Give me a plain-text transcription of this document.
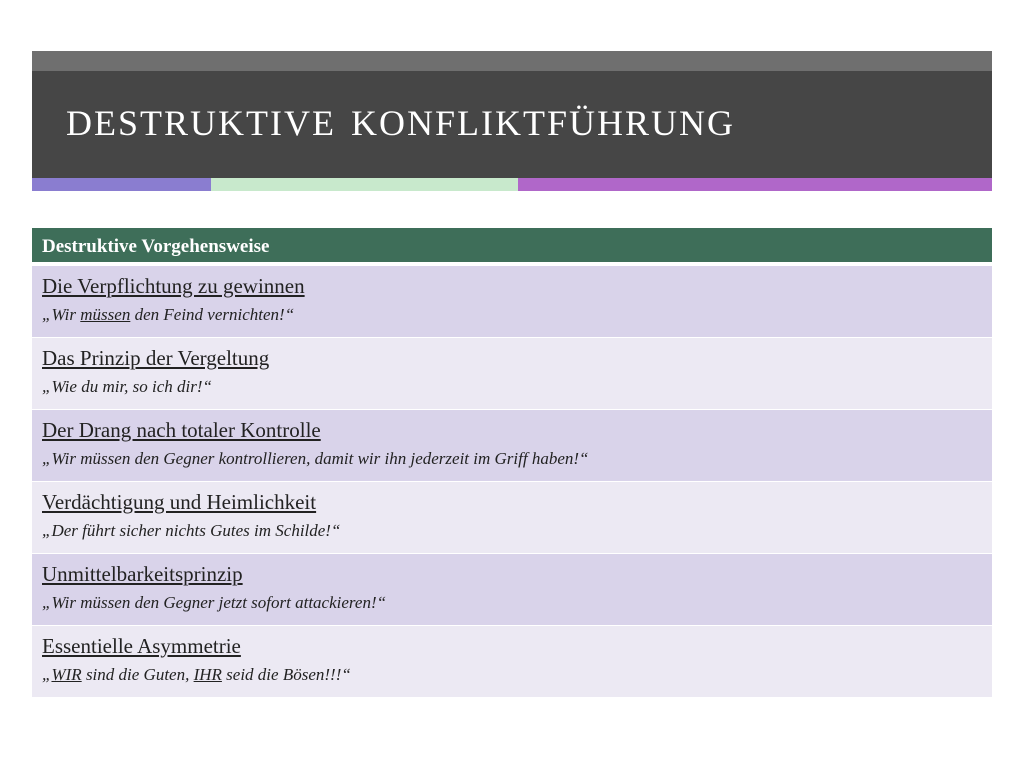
destruktive konfliktführung
Destruktive Vorgehensweise
Die Verpflichtung zu gewinnen
„Wir müssen den Feind vernichten!“
Das Prinzip der Vergeltung
„Wie du mir, so ich dir!“
Der Drang nach totaler Kontrolle
„Wir müssen den Gegner kontrollieren, damit wir ihn jederzeit im Griff haben!“
Verdächtigung und Heimlichkeit
„Der führt sicher nichts Gutes im Schilde!“
Unmittelbarkeitsprinzip
„Wir müssen den Gegner jetzt sofort attackieren!“
Essentielle Asymmetrie
„WIR sind die Guten, IHR seid die Bösen!!!“
